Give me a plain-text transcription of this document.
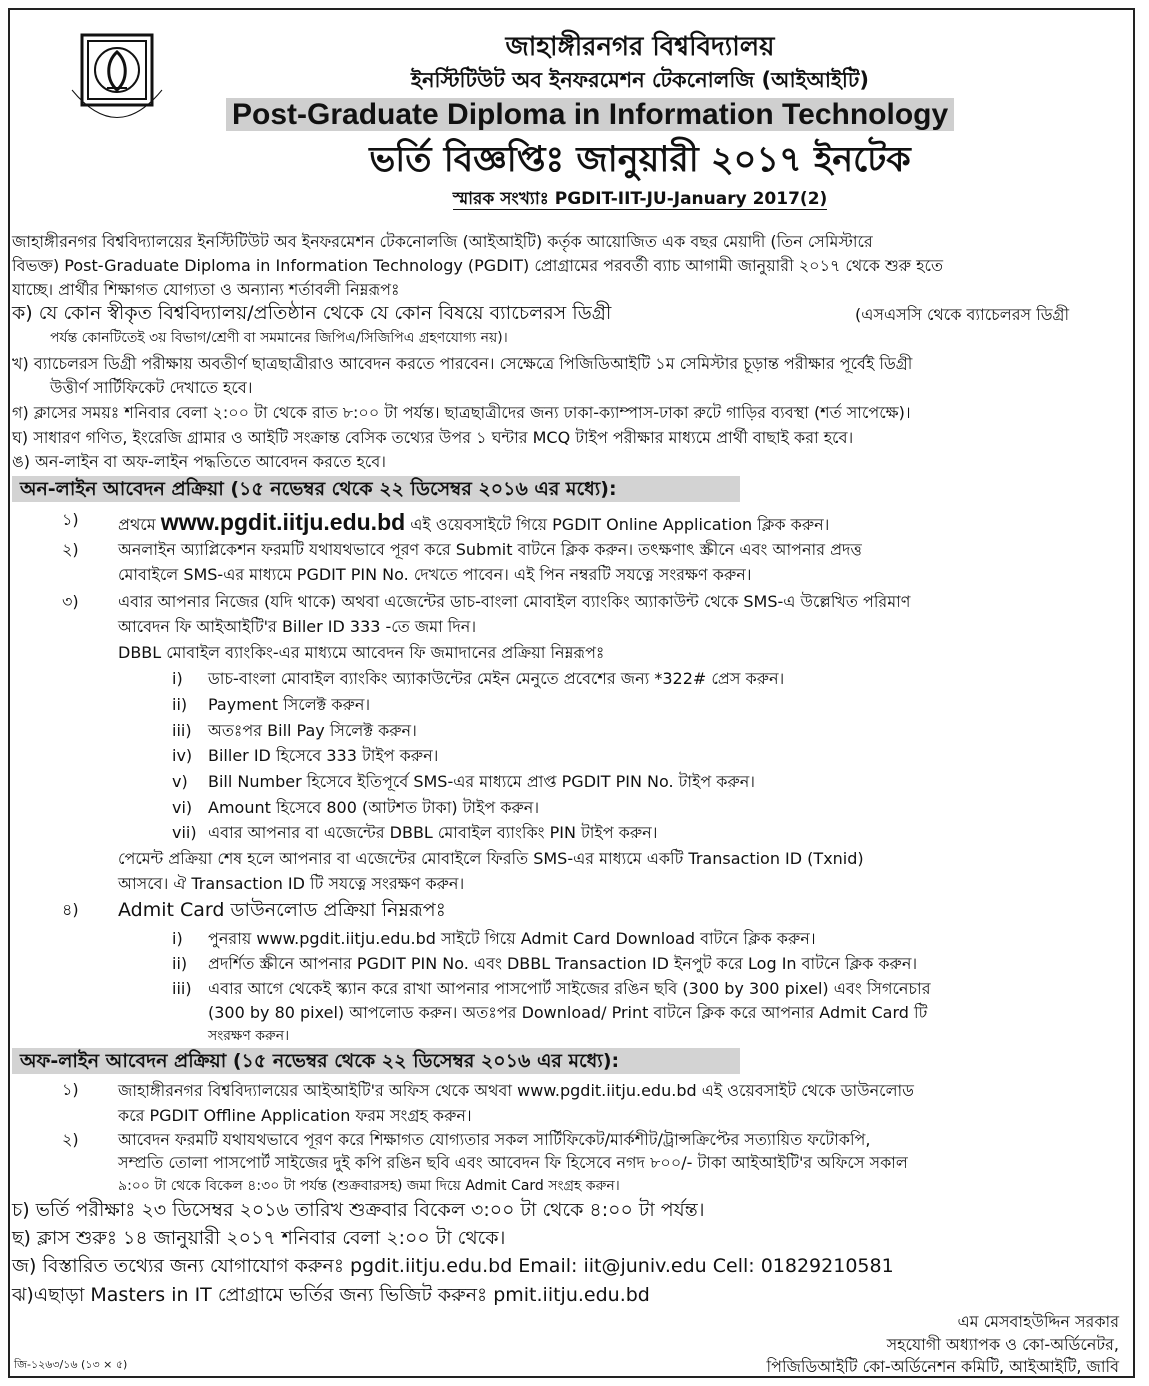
জাহাঙ্গীরনগর বিশ্ববিদ্যালয়
ইনস্টিটিউট অব ইনফরমেশন টেকনোলজি (আইআইটি)
Post-Graduate Diploma in Information Technology
ভর্তি বিজ্ঞপ্তিঃ জানুয়ারী ২০১৭ ইনটেক
স্মারক সংখ্যাঃ PGDIT-IIT-JU-January 2017(2)
জাহাঙ্গীরনগর বিশ্ববিদ্যালয়ের ইনস্টিটিউট অব ইনফরমেশন টেকনোলজি (আইআইটি) কর্তৃক আয়োজিত এক বছর মেয়াদী (তিন সেমিস্টারে
বিভক্ত) Post-Graduate Diploma in Information Technology (PGDIT) প্রোগ্রামের পরবর্তী ব্যাচ আগামী জানুয়ারী ২০১৭ থেকে শুরু হতে
যাচ্ছে। প্রার্থীর শিক্ষাগত যোগ্যতা ও অন্যান্য শর্তাবলী নিম্নরূপঃ
ক) যে কোন স্বীকৃত বিশ্ববিদ্যালয়/প্রতিষ্ঠান থেকে যে কোন বিষয়ে ব্যাচেলরস ডিগ্রী	(এসএসসি থেকে ব্যাচেলরস ডিগ্রী
পর্যন্ত কোনটিতেই ৩য় বিভাগ/শ্রেণী বা সমমানের জিপিএ/সিজিপিএ গ্রহণযোগ্য নয়)।
খ) ব্যাচেলরস ডিগ্রী পরীক্ষায় অবতীর্ণ ছাত্রছাত্রীরাও আবেদন করতে পারবেন। সেক্ষেত্রে পিজিডিআইটি ১ম সেমিস্টার চূড়ান্ত পরীক্ষার পূর্বেই ডিগ্রী
উত্তীর্ণ সার্টিফিকেট দেখাতে হবে।
গ) ক্লাসের সময়ঃ শনিবার বেলা ২:০০ টা থেকে রাত ৮:০০ টা পর্যন্ত। ছাত্রছাত্রীদের জন্য ঢাকা-ক্যাম্পাস-ঢাকা রুটে গাড়ির ব্যবস্থা (শর্ত সাপেক্ষে)।
ঘ) সাধারণ গণিত, ইংরেজি গ্রামার ও আইটি সংক্রান্ত বেসিক তথ্যের উপর ১ ঘন্টার MCQ টাইপ পরীক্ষার মাধ্যমে প্রার্থী বাছাই করা হবে।
ঙ) অন-লাইন বা অফ-লাইন পদ্ধতিতে আবেদন করতে হবে।
অন-লাইন আবেদন প্রক্রিয়া (১৫ নভেম্বর থেকে ২২ ডিসেম্বর ২০১৬ এর মধ্যে):
১) প্রথমে www.pgdit.iitju.edu.bd এই ওয়েবসাইটে গিয়ে PGDIT Online Application ক্লিক করুন।
২) অনলাইন অ্যাপ্লিকেশন ফরমটি যথাযথভাবে পূরণ করে Submit বাটনে ক্লিক করুন। তৎক্ষণাৎ স্ক্রীনে এবং আপনার প্রদত্ত
মোবাইলে SMS-এর মাধ্যমে PGDIT PIN No. দেখতে পাবেন। এই পিন নম্বরটি সযত্নে সংরক্ষণ করুন।
৩) এবার আপনার নিজের (যদি থাকে) অথবা এজেন্টের ডাচ-বাংলা মোবাইল ব্যাংকিং অ্যাকাউন্ট থেকে SMS-এ উল্লেখিত পরিমাণ
আবেদন ফি আইআইটি'র Biller ID 333 -তে জমা দিন।
DBBL মোবাইল ব্যাংকিং-এর মাধ্যমে আবেদন ফি জমাদানের প্রক্রিয়া নিম্নরূপঃ
i) ডাচ-বাংলা মোবাইল ব্যাংকিং অ্যাকাউন্টের মেইন মেনুতে প্রবেশের জন্য *322# প্রেস করুন।
ii) Payment সিলেক্ট করুন।
iii) অতঃপর Bill Pay সিলেক্ট করুন।
iv) Biller ID হিসেবে 333 টাইপ করুন।
v) Bill Number হিসেবে ইতিপূর্বে SMS-এর মাধ্যমে প্রাপ্ত PGDIT PIN No. টাইপ করুন।
vi) Amount হিসেবে 800 (আটশত টাকা) টাইপ করুন।
vii) এবার আপনার বা এজেন্টের DBBL মোবাইল ব্যাংকিং PIN টাইপ করুন।
পেমেন্ট প্রক্রিয়া শেষ হলে আপনার বা এজেন্টের মোবাইলে ফিরতি SMS-এর মাধ্যমে একটি Transaction ID (Txnid)
আসবে। ঐ Transaction ID টি সযত্নে সংরক্ষণ করুন।
৪) Admit Card ডাউনলোড প্রক্রিয়া নিম্নরূপঃ
i) পুনরায় www.pgdit.iitju.edu.bd সাইটে গিয়ে Admit Card Download বাটনে ক্লিক করুন।
ii) প্রদর্শিত স্ক্রীনে আপনার PGDIT PIN No. এবং DBBL Transaction ID ইনপুট করে Log In বাটনে ক্লিক করুন।
iii) এবার আগে থেকেই স্ক্যান করে রাখা আপনার পাসপোর্ট সাইজের রঙিন ছবি (300 by 300 pixel) এবং সিগনেচার
(300 by 80 pixel) আপলোড করুন। অতঃপর Download/ Print বাটনে ক্লিক করে আপনার Admit Card টি
সংরক্ষণ করুন।
অফ-লাইন আবেদন প্রক্রিয়া (১৫ নভেম্বর থেকে ২২ ডিসেম্বর ২০১৬ এর মধ্যে):
১) জাহাঙ্গীরনগর বিশ্ববিদ্যালয়ের আইআইটি'র অফিস থেকে অথবা www.pgdit.iitju.edu.bd এই ওয়েবসাইট থেকে ডাউনলোড
করে PGDIT Offline Application ফরম সংগ্রহ করুন।
২) আবেদন ফরমটি যথাযথভাবে পূরণ করে শিক্ষাগত যোগ্যতার সকল সার্টিফিকেট/মার্কশীট/ট্রান্সক্রিপ্টের সত্যায়িত ফটোকপি,
সম্প্রতি তোলা পাসপোর্ট সাইজের দুই কপি রঙিন ছবি এবং আবেদন ফি হিসেবে নগদ ৮০০/- টাকা আইআইটি'র অফিসে সকাল
৯:০০ টা থেকে বিকেল ৪:৩০ টা পর্যন্ত (শুক্রবারসহ) জমা দিয়ে Admit Card সংগ্রহ করুন।
চ) ভর্তি পরীক্ষাঃ ২৩ ডিসেম্বর ২০১৬ তারিখ শুক্রবার বিকেল ৩:০০ টা থেকে ৪:০০ টা পর্যন্ত।
ছ) ক্লাস শুরুঃ ১৪ জানুয়ারী ২০১৭ শনিবার বেলা ২:০০ টা থেকে।
জ) বিস্তারিত তথ্যের জন্য যোগাযোগ করুনঃ pgdit.iitju.edu.bd Email: iit@juniv.edu Cell: 01829210581
ঝ)এছাড়া Masters in IT প্রোগ্রামে ভর্তির জন্য ভিজিট করুনঃ pmit.iitju.edu.bd
এম মেসবাহউদ্দিন সরকার
সহযোগী অধ্যাপক ও কো-অর্ডিনেটর,
পিজিডিআইটি কো-অর্ডিনেশন কমিটি, আইআইটি, জাবি
জি-১২৬৩/১৬ (১৩ × ৫)
